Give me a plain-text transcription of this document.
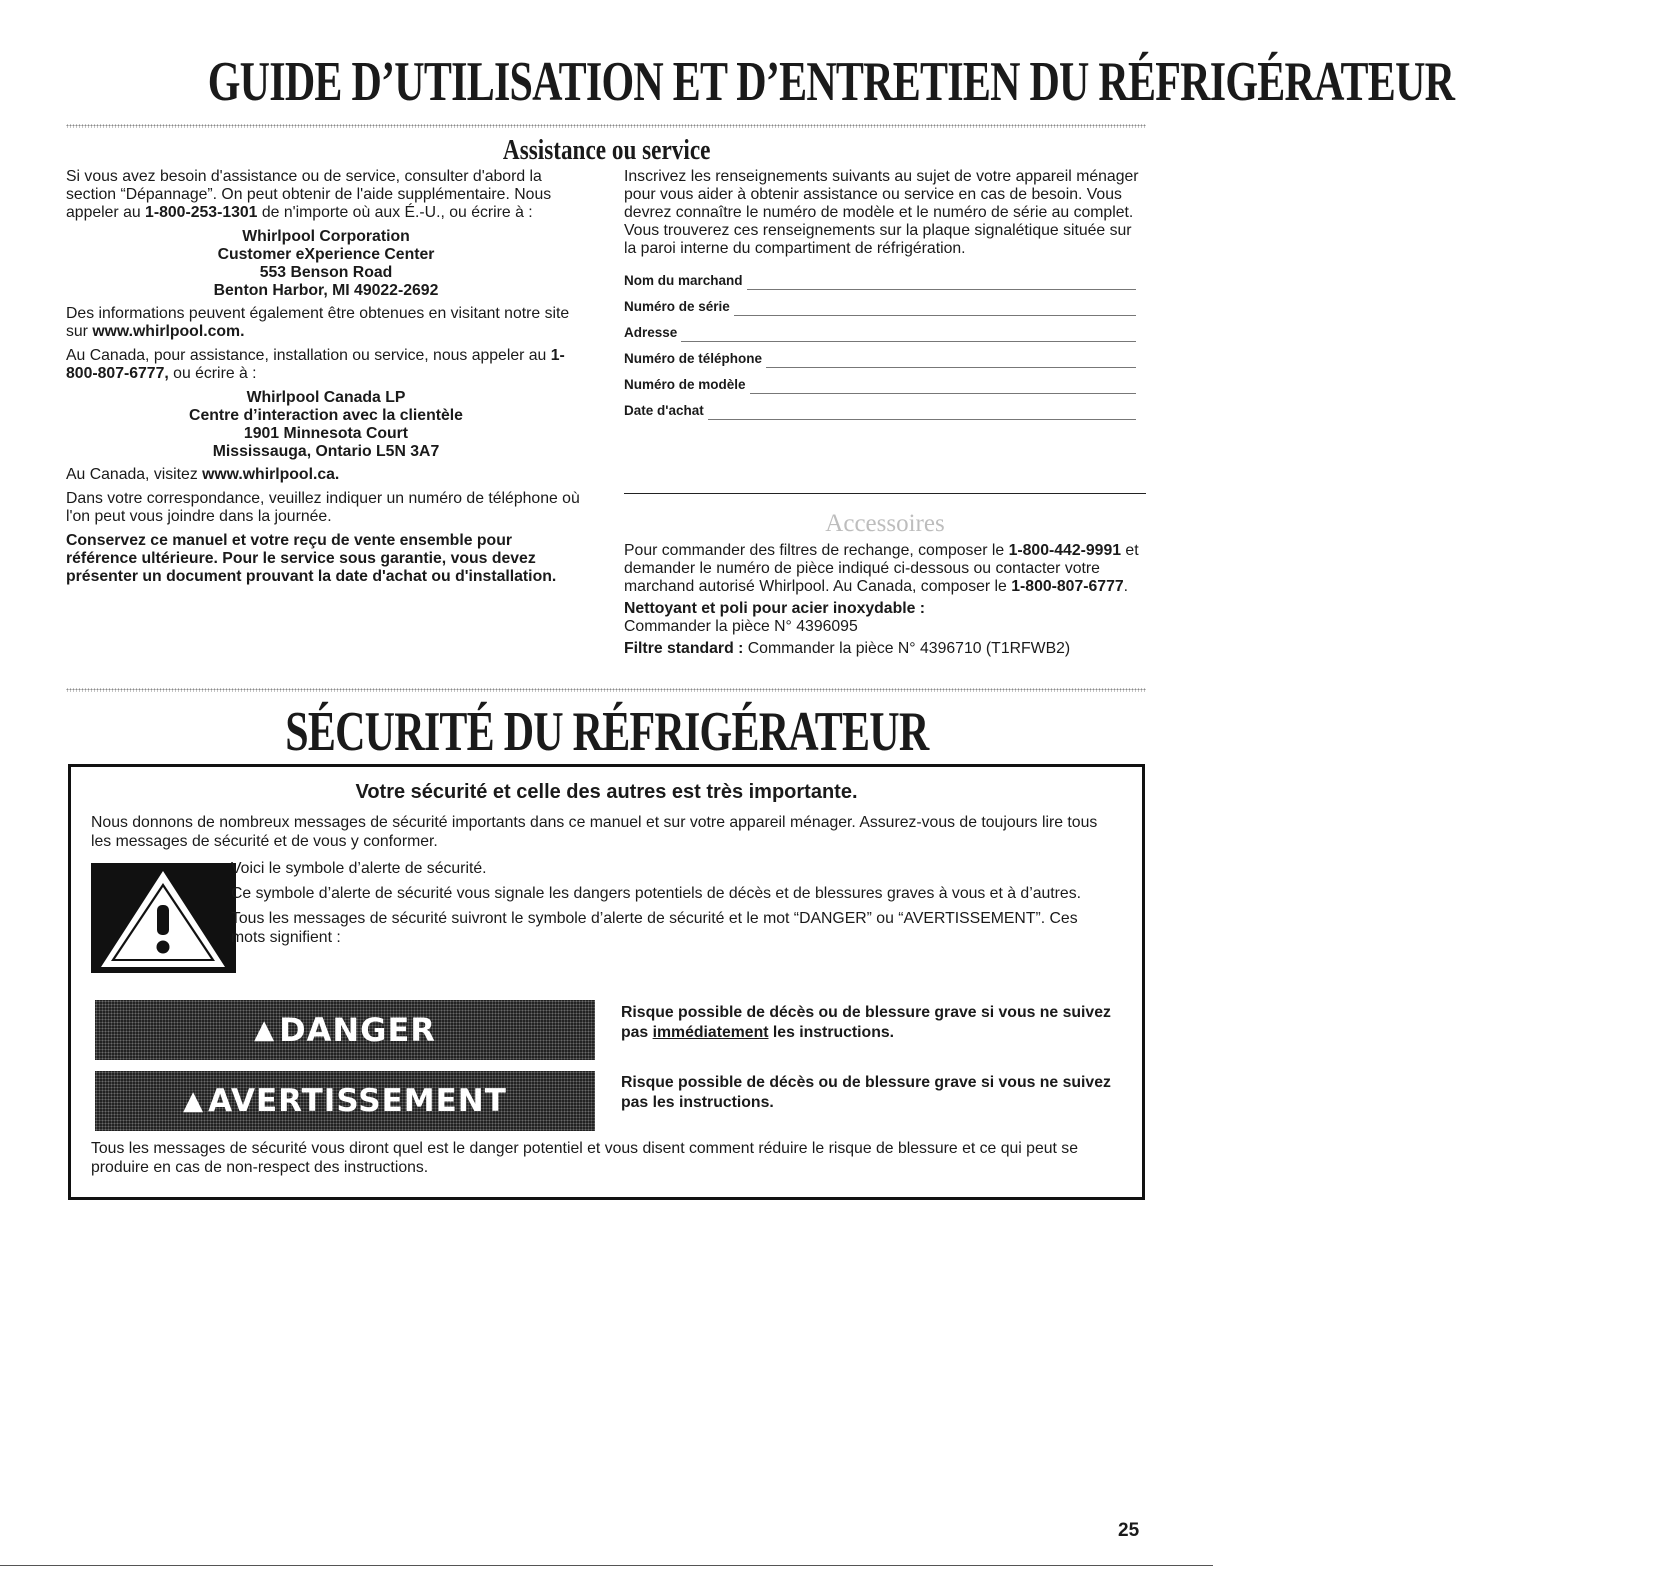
GUIDE D’UTILISATION ET D’ENTRETIEN DU RÉFRIGÉRATEUR
Assistance ou service

Si vous avez besoin d'assistance ou de service, consulter d'abord la section “Dépannage”. On peut obtenir de l'aide supplémentaire. Nous appeler au 1-800-253-1301 de n'importe où aux É.-U., ou écrire à :

Whirlpool Corporation
Customer eXperience Center
553 Benson Road
Benton Harbor, MI 49022-2692

Des informations peuvent également être obtenues en visitant notre site sur www.whirlpool.com.

Au Canada, pour assistance, installation ou service, nous appeler au 1-800-807-6777, ou écrire à :

Whirlpool Canada LP
Centre d’interaction avec la clientèle
1901 Minnesota Court
Mississauga, Ontario L5N 3A7

Au Canada, visitez www.whirlpool.ca.

Dans votre correspondance, veuillez indiquer un numéro de téléphone où l'on peut vous joindre dans la journée.

Conservez ce manuel et votre reçu de vente ensemble pour référence ultérieure. Pour le service sous garantie, vous devez présenter un document prouvant la date d'achat ou d'installation.

Inscrivez les renseignements suivants au sujet de votre appareil ménager pour vous aider à obtenir assistance ou service en cas de besoin. Vous devrez connaître le numéro de modèle et le numéro de série au complet. Vous trouverez ces renseignements sur la plaque signalétique située sur la paroi interne du compartiment de réfrigération.

Nom du marchand
Numéro de série
Adresse
Numéro de téléphone
Numéro de modèle
Date d'achat
Accessoires

Pour commander des filtres de rechange, composer le 1-800-442-9991 et demander le numéro de pièce indiqué ci-dessous ou contacter votre marchand autorisé Whirlpool. Au Canada, composer le 1-800-807-6777.

Nettoyant et poli pour acier inoxydable :
Commander la pièce N° 4396095

Filtre standard : Commander la pièce N° 4396710 (T1RFWB2)

SÉCURITÉ DU RÉFRIGÉRATEUR
Votre sécurité et celle des autres est très importante.
Nous donnons de nombreux messages de sécurité importants dans ce manuel et sur votre appareil ménager. Assurez-vous de toujours lire tous les messages de sécurité et de vous y conformer.

Voici le symbole d’alerte de sécurité.

Ce symbole d’alerte de sécurité vous signale les dangers potentiels de décès et de blessures graves à vous et à d’autres.

Tous les messages de sécurité suivront le symbole d’alerte de sécurité et le mot “DANGER” ou “AVERTISSEMENT”. Ces mots signifient :

▲ DANGER	Risque possible de décès ou de blessure grave si vous ne suivez pas immédiatement les instructions.
▲ AVERTISSEMENT
Risque possible de décès ou de blessure grave si vous ne suivez pas les instructions.
Tous les messages de sécurité vous diront quel est le danger potentiel et vous disent comment réduire le risque de blessure et ce qui peut se produire en cas de non-respect des instructions.
25
